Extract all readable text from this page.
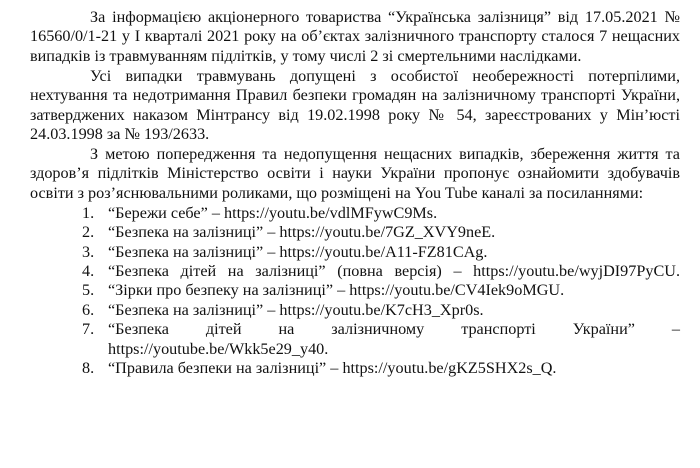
За інформацією акціонерного товариства “Українська залізниця” від 17.05.2021 № 16560/0/1-21 у І кварталі 2021 року на об’єктах залізничного транспорту сталося 7 нещасних випадків із травмуванням підлітків, у тому числі 2 зі смертельними наслідками.

Усі випадки травмувань допущені з особистої необережності потерпілими, нехтування та недотримання Правил безпеки громадян на залізничному транспорті України, затверджених наказом Мінтрансу від 19.02.1998 року № 54, зареєстрованих у Мін’юсті 24.03.1998 за № 193/2633.

З метою попередження та недопущення нещасних випадків, збереження життя та здоров’я підлітків Міністерство освіти і науки України пропонує ознайомити здобувачів освіти з роз’яснювальними роликами, що розміщені на You Tube каналі за посиланнями:

1. “Бережи себе” – https://youtu.be/vdlMFywC9Ms.
2. “Безпека на залізниці” – https://youtu.be/7GZ_XVY9neE.
3. “Безпека на залізниці” – https://youtu.be/A11-FZ81CAg.
4. “Безпека дітей на залізниці” (повна версія) – https://youtu.be/wyjDI97PyCU.
5. “Зірки про безпеку на залізниці” – https://youtu.be/CV4Iek9oMGU.
6. “Безпека на залізниці” – https://youtu.be/K7cH3_Xpr0s.
7. “Безпека дітей на залізничному транспорті України” – https://youtube.be/Wkk5e29_y40.
8. “Правила безпеки на залізниці” – https://youtu.be/gKZ5SHX2s_Q.
